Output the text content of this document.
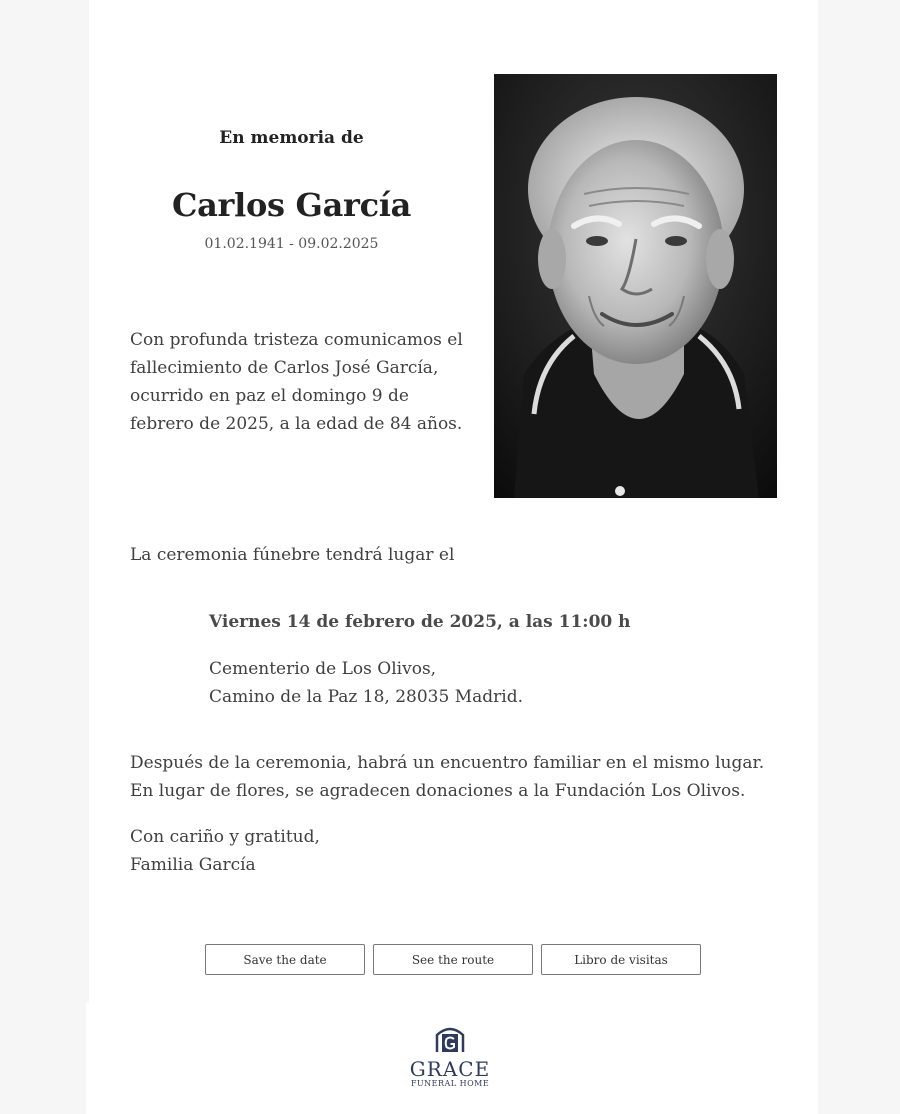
En memoria de
Carlos García
01.02.1941 - 09.02.2025
Con profunda tristeza comunicamos el fallecimiento de Carlos José García, ocurrido en paz el domingo 9 de febrero de 2025, a la edad de 84 años.
La ceremonia fúnebre tendrá lugar el
Viernes 14 de febrero de 2025, a las 11:00 h
Cementerio de Los Olivos,
Camino de la Paz 18, 28035 Madrid.
Después de la ceremonia, habrá un encuentro familiar en el mismo lugar.
En lugar de flores, se agradecen donaciones a la Fundación Los Olivos.
Con cariño y gratitud,
Familia García
Save the date	See the route	Libro de visitas
GRACE
FUNERAL HOME
